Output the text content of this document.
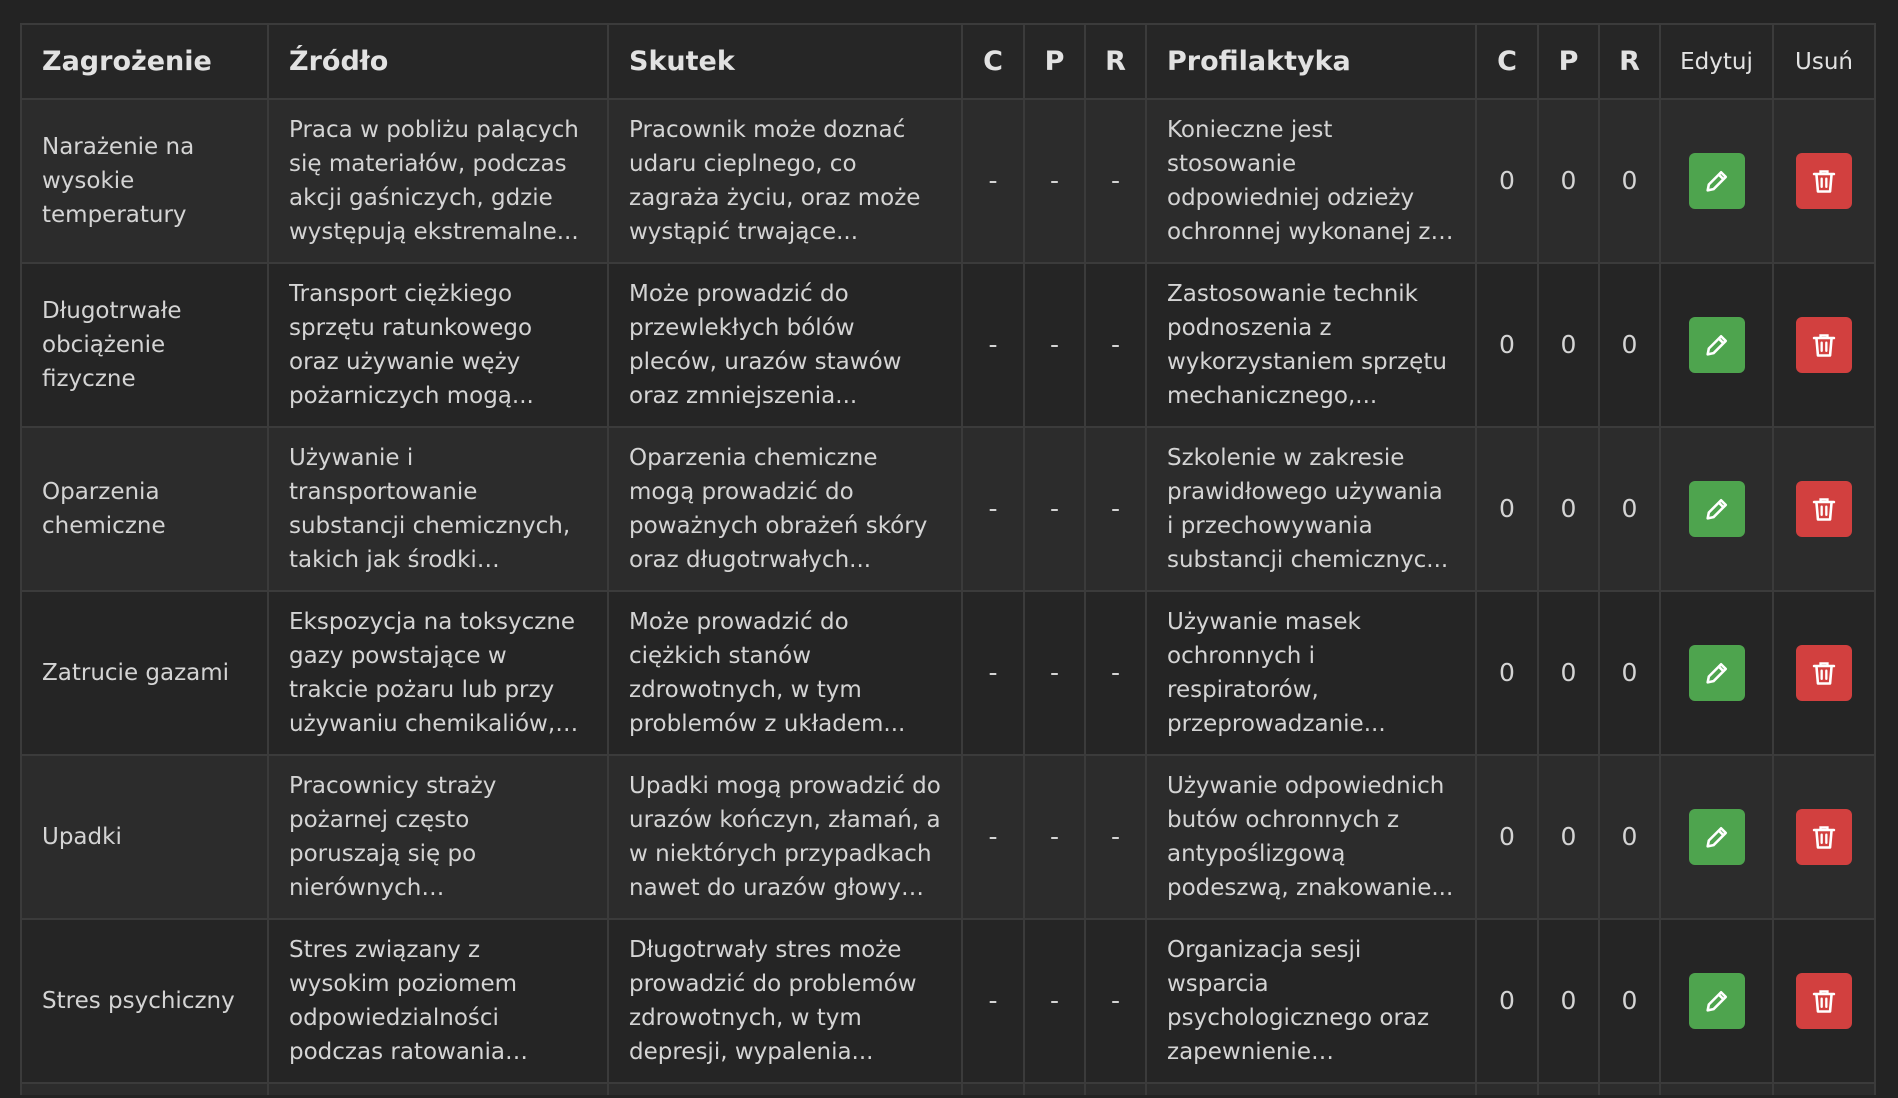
Zagrożenie	Źródło	Skutek	C	P	R	Profilaktyka	C	P	R	Edytuj	Usuń

Narażenie na wysokie temperatury	Praca w pobliżu palących się materiałów, podczas akcji gaśniczych, gdzie występują ekstremalne...	Pracownik może doznać udaru cieplnego, co zagraża życiu, oraz może wystąpić trwające...	-	-	-	Konieczne jest stosowanie odpowiedniej odzieży ochronnej wykonanej z	0	0	0	

Długotrwałe obciążenie fizyczne	Transport ciężkiego sprzętu ratunkowego oraz używanie węży pożarniczych mogą...	Może prowadzić do przewlekłych bólów pleców, urazów stawów oraz zmniejszenia...	-	-	-	Zastosowanie technik podnoszenia z wykorzystaniem sprzętu mechanicznego,...	0	0	0	

Oparzenia chemiczne	Używanie i transportowanie substancji chemicznych, takich jak środki	Oparzenia chemiczne mogą prowadzić do poważnych obrażeń skóry oraz długotrwałych...	-	-	-	Szkolenie w zakresie prawidłowego używania i przechowywania substancji chemicznyc...	0	0	0	

Zatrucie gazami	Ekspozycja na toksyczne gazy powstające w trakcie pożaru lub przy używaniu chemikaliów,	Może prowadzić do ciężkich stanów zdrowotnych, w tym problemów z układem...	-	-	-	Używanie masek ochronnych i respiratorów, przeprowadzanie...	0	0	0	

Upadki	Pracownicy straży pożarnej często poruszają się po nierównych	Upadki mogą prowadzić do urazów kończyn, złamań, a w niektórych przypadkach nawet do urazów głowy	-	-	-	Używanie odpowiednich butów ochronnych z antypoślizgową podeszwą, znakowanie...	0	0	0	

Stres psychiczny	Stres związany z wysokim poziomem odpowiedzialności podczas ratowania	Długotrwały stres może prowadzić do problemów zdrowotnych, w tym depresji, wypalenia...	-	-	-	Organizacja sesji wsparcia psychologicznego oraz zapewnienie	0	0	0	
